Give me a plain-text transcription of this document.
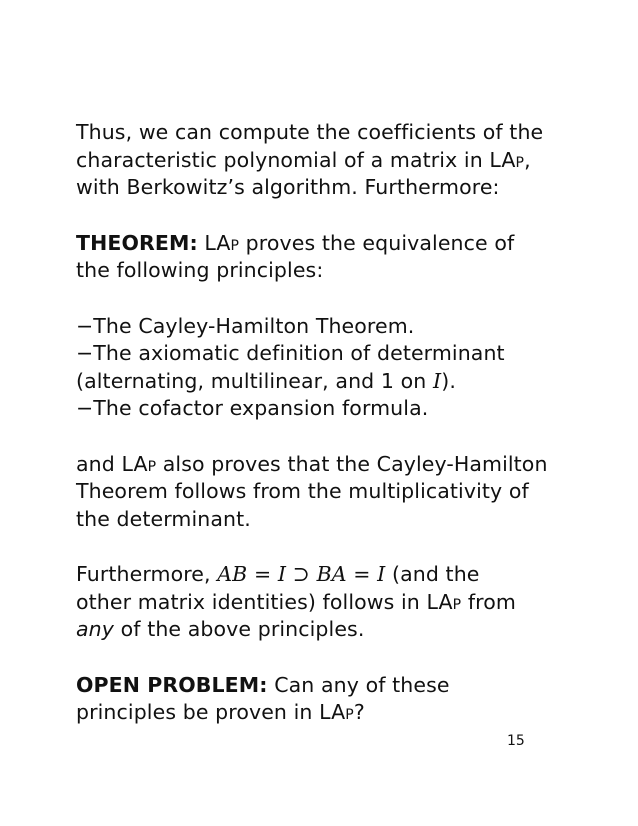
Thus, we can compute the coefficients of the
characteristic polynomial of a matrix in LAp,
with Berkowitz’s algorithm. Furthermore:
THEOREM: LAp proves the equivalence of
the following principles:
−The Cayley-Hamilton Theorem.
−The axiomatic definition of determinant
(alternating, multilinear, and 1 on I).
−The cofactor expansion formula.
and LAp also proves that the Cayley-Hamilton
Theorem follows from the multiplicativity of
the determinant.
Furthermore, AB = I ⊃ BA = I (and the
other matrix identities) follows in LAp from
any of the above principles.
OPEN PROBLEM: Can any of these
principles be proven in LAp?
15
